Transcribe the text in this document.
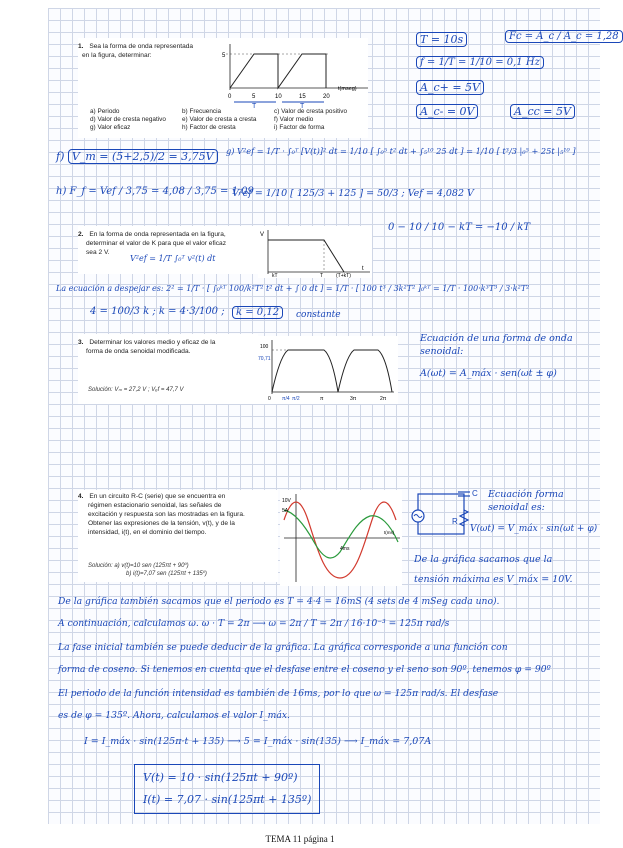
1. Sea la forma de onda representada
en la figura, determinar:	5
0	5	10	15	20
t(mseg)
T	T
a) Periodo	b) Frecuencia	c) Valor de cresta positivo
d) Valor de cresta negativo	e) Valor de cresta a cresta	f) Valor medio
g) Valor eficaz	h) Factor de cresta	i) Factor de forma
T = 10s	Fc = A_c / A_c = 1,28
f = 1/T = 1/10 = 0,1 Hz
A_c+ = 5V
A_c- = 0V	A_cc = 5V
f) V_m = (5+2,5)/2 = 3,75V	g) V²ef = 1/T · ∫₀ᵀ [V(t)]² dt = 1/10 [ ∫₀⁵ t² dt + ∫₅¹⁰ 25 dt ] = 1/10 [ t³/3 |₀⁵ + 25t |₅¹⁰ ]
h) F_f = Vef / 3,75 = 4,08 / 3,75 = 1,09
V²ef = 1/10 [ 125/3 + 125 ] = 50/3 ; Vef = 4,082 V
2. En la forma de onda representada en la figura,
determinar el valor de K para que el valor eficaz
sea 2 V.
V²ef = 1/T ∫₀ᵀ v²(t) dt
V
kT	T	(T+kT)
t
0 − 10 / 10 − kT = −10 / kT
La ecuación a despejar es: 2² = 1/T · [ ∫₀ᵏᵀ 100/k²T² t² dt + ∫ 0 dt ] = 1/T · [ 100 t³ / 3k²T² ]₀ᵏᵀ = 1/T · 100·k³T³ / 3·k²T²
4 = 100/3 k ; k = 4·3/100 ;	k = 0,12	constante
3. Determinar los valores medio y eficaz de la
forma de onda senoidal modificada.
Solución: Vₘ = 27,2 V ; Vₑf = 47,7 V
100
70,71
0 π/4 π/2	π	3π	2π
Ecuación de una forma de onda
senoidal:
A(ωt) = A_máx · sen(ωt ± φ)
4. En un circuito R-C (serie) que se encuentra en
régimen estacionario senoidal, las señales de
excitación y respuesta son las mostradas en la figura.
Obtener las expresiones de la tensión, v(t), y de la
intensidad, i(t), en el dominio del tiempo.
Solución: a) v(t)=10 sen (125πt + 90º)
b) i(t)=7,07 sen (125πt + 135º)
10V
5A
t(ms)
4ms
C
R
Ecuación forma
senoidal es:
V(ωt) = V_máx · sin(ωt + φ)
De la gráfica sacamos que la
tensión máxima es V_máx = 10V.
De la gráfica también sacamos que el periodo es T = 4·4 = 16mS (4 sets de 4 mSeg cada uno).
A continuación, calculamos ω. ω · T = 2π ⟶ ω = 2π / T = 2π / 16·10⁻³ = 125π rad/s
La fase inicial también se puede deducir de la gráfica. La gráfica corresponde a una función con
forma de coseno. Si tenemos en cuenta que el desfase entre el coseno y el seno son 90º, tenemos φ = 90º
El periodo de la función intensidad es también de 16ms, por lo que ω = 125π rad/s. El desfase
es de φ = 135º. Ahora, calculamos el valor I_máx.
I = I_máx · sin(125π·t + 135) ⟶ 5 = I_máx · sin(135) ⟶ I_máx = 7,07A
V(t) = 10 · sin(125πt + 90º)
I(t) = 7,07 · sin(125πt + 135º)
TEMA 11 página 1
